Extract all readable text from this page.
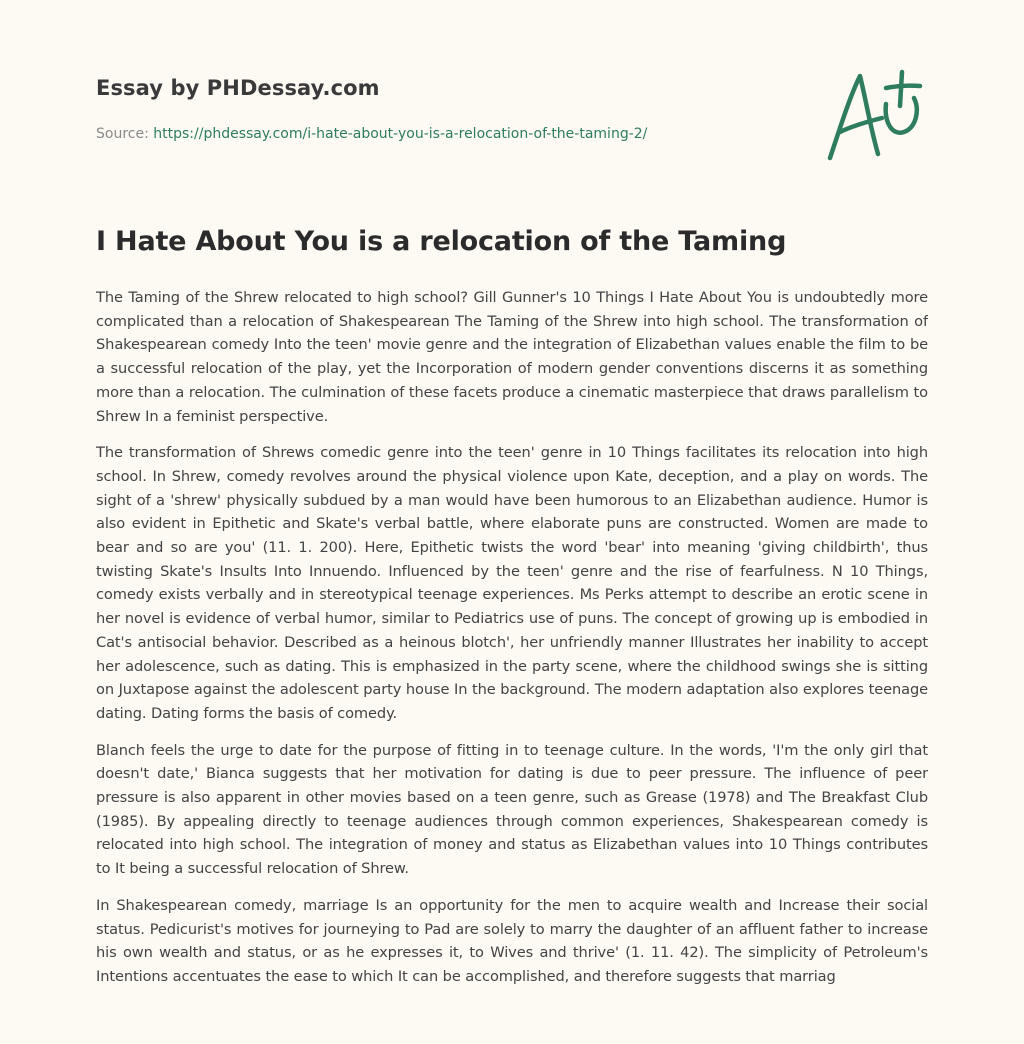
Essay by PHDessay.com
Source: https://phdessay.com/i-hate-about-you-is-a-relocation-of-the-taming-2/
I Hate About You is a relocation of the Taming

The Taming of the Shrew relocated to high school? Gill Gunner's 10 Things I Hate About You is undoubtedly more complicated than a relocation of Shakespearean The Taming of the Shrew into high school. The transformation of Shakespearean comedy Into the teen' movie genre and the integration of Elizabethan values enable the film to be a successful relocation of the play, yet the Incorporation of modern gender conventions discerns it as something more than a relocation. The culmination of these facets produce a cinematic masterpiece that draws parallelism to Shrew In a feminist perspective.

The transformation of Shrews comedic genre into the teen' genre in 10 Things facilitates its relocation into high school. In Shrew, comedy revolves around the physical violence upon Kate, deception, and a play on words. The sight of a 'shrew' physically subdued by a man would have been humorous to an Elizabethan audience. Humor is also evident in Epithetic and Skate's verbal battle, where elaborate puns are constructed. Women are made to bear and so are you' (11. 1. 200). Here, Epithetic twists the word 'bear' into meaning 'giving childbirth', thus twisting Skate's Insults Into Innuendo. Influenced by the teen' genre and the rise of fearfulness. N 10 Things, comedy exists verbally and in stereotypical teenage experiences. Ms Perks attempt to describe an erotic scene in her novel is evidence of verbal humor, similar to Pediatrics use of puns. The concept of growing up is embodied in Cat's antisocial behavior. Described as a heinous blotch', her unfriendly manner Illustrates her inability to accept her adolescence, such as dating. This is emphasized in the party scene, where the childhood swings she is sitting on Juxtapose against the adolescent party house In the background. The modern adaptation also explores teenage dating. Dating forms the basis of comedy.

Blanch feels the urge to date for the purpose of fitting in to teenage culture. In the words, 'I'm the only girl that doesn't date,' Bianca suggests that her motivation for dating is due to peer pressure. The influence of peer pressure is also apparent in other movies based on a teen genre, such as Grease (1978) and The Breakfast Club (1985). By appealing directly to teenage audiences through common experiences, Shakespearean comedy is relocated into high school. The integration of money and status as Elizabethan values into 10 Things contributes to It being a successful relocation of Shrew.

In Shakespearean comedy, marriage Is an opportunity for the men to acquire wealth and Increase their social status. Pedicurist's motives for journeying to Pad are solely to marry the daughter of an affluent father to increase his own wealth and status, or as he expresses it, to Wives and thrive' (1. 11. 42). The simplicity of Petroleum's Intentions accentuates the ease to which It can be accomplished, and therefore suggests that marriag
